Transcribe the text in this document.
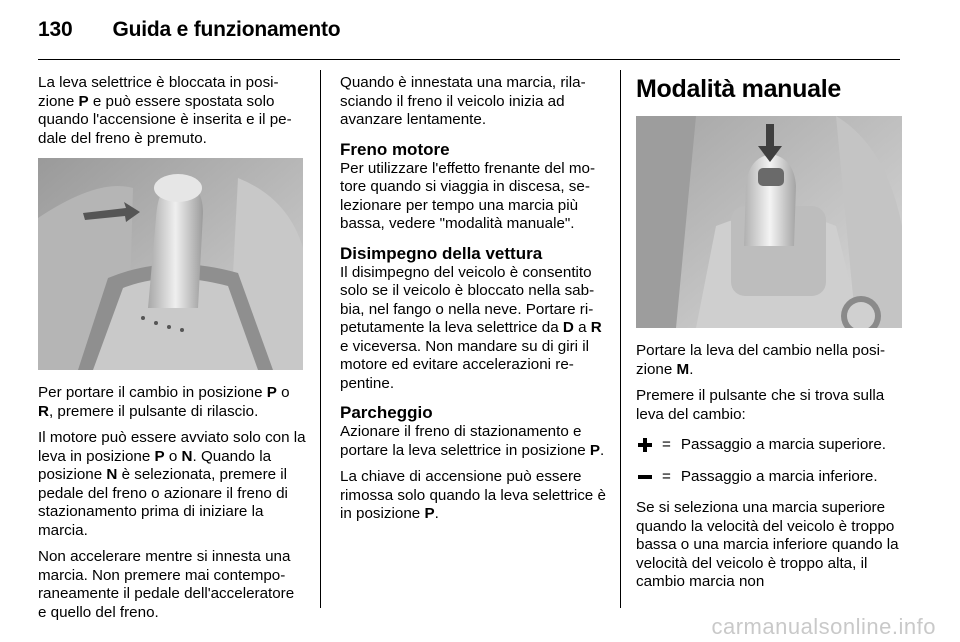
130 Guida e funzionamento

La leva selettrice è bloccata in posizione P e può essere spostata solo quando l'accensione è inserita e il pedale del freno è premuto.

Per portare il cambio in posizione P o R, premere il pulsante di rilascio.

Il motore può essere avviato solo con la leva in posizione P o N. Quando la posizione N è selezionata, premere il pedale del freno o azionare il freno di stazionamento prima di iniziare la marcia.

Non accelerare mentre si innesta una marcia. Non premere mai contemporaneamente il pedale dell'acceleratore e quello del freno.

Quando è innestata una marcia, rilasciando il freno il veicolo inizia ad avanzare lentamente.

Freno motore

Per utilizzare l'effetto frenante del motore quando si viaggia in discesa, selezionare per tempo una marcia più bassa, vedere "modalità manuale".

Disimpegno della vettura

Il disimpegno del veicolo è consentito solo se il veicolo è bloccato nella sabbia, nel fango o nella neve. Portare ripetutamente la leva selettrice da D a R e viceversa. Non mandare su di giri il motore ed evitare accelerazioni repentine.

Parcheggio

Azionare il freno di stazionamento e portare la leva selettrice in posizione P.

La chiave di accensione può essere rimossa solo quando la leva selettrice è in posizione P.

Modalità manuale

Portare la leva del cambio nella posizione M.

Premere il pulsante che si trova sulla leva del cambio:

= Passaggio a marcia superiore.
= Passaggio a marcia inferiore.

Se si seleziona una marcia superiore quando la velocità del veicolo è troppo bassa o una marcia inferiore quando la velocità del veicolo è troppo alta, il cambio marcia non

carmanualsonline.info
